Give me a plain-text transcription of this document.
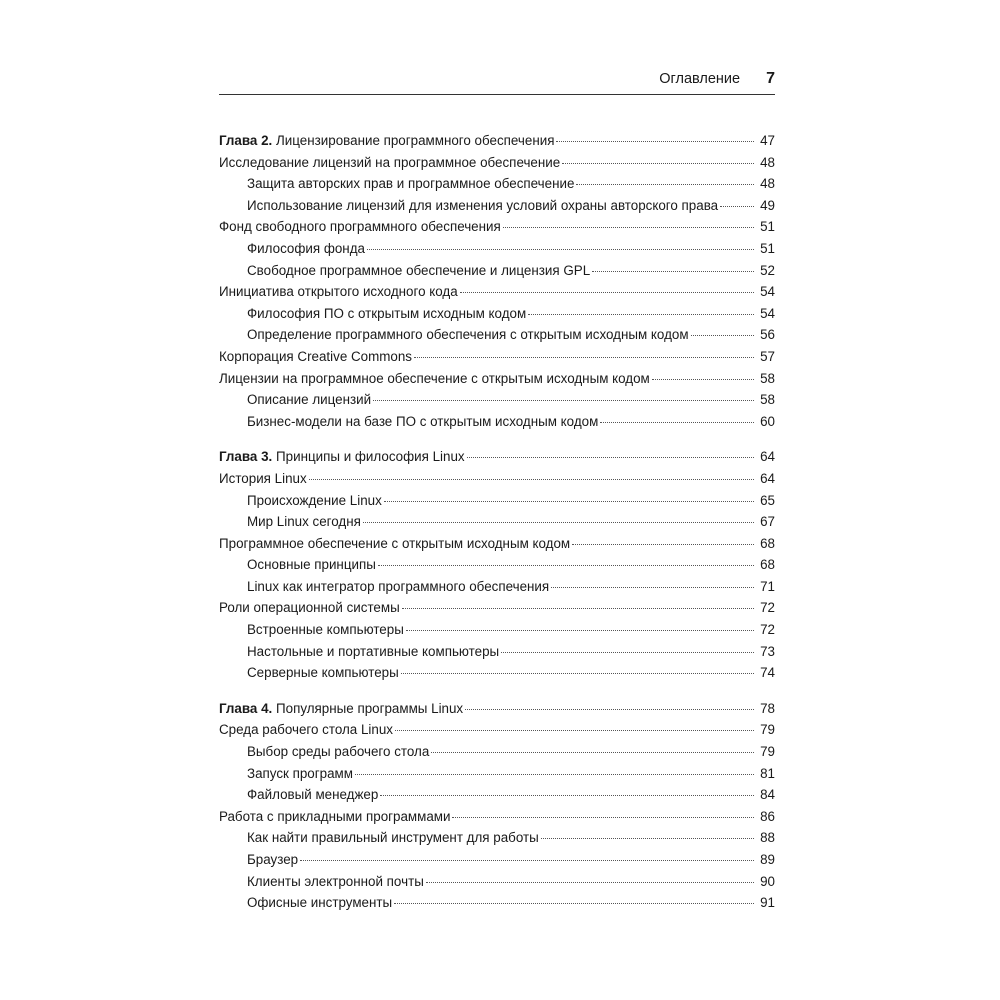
Оглавление 7
Глава 2. Лицензирование программного обеспечения	47
Исследование лицензий на программное обеспечение	48
Защита авторских прав и программное обеспечение	48
Использование лицензий для изменения условий охраны авторского права	49
Фонд свободного программного обеспечения	51
Философия фонда	51
Свободное программное обеспечение и лицензия GPL	52
Инициатива открытого исходного кода	54
Философия ПО с открытым исходным кодом	54
Определение программного обеспечения с открытым исходным кодом	56
Корпорация Creative Commons	57
Лицензии на программное обеспечение с открытым исходным кодом	58
Описание лицензий	58
Бизнес-модели на базе ПО с открытым исходным кодом	60
Глава 3. Принципы и философия Linux	64
История Linux	64
Происхождение Linux	65
Мир Linux сегодня	67
Программное обеспечение с открытым исходным кодом	68
Основные принципы	68
Linux как интегратор программного обеспечения	71
Роли операционной системы	72
Встроенные компьютеры	72
Настольные и портативные компьютеры	73
Серверные компьютеры	74
Глава 4. Популярные программы Linux	78
Среда рабочего стола Linux	79
Выбор среды рабочего стола	79
Запуск программ	81
Файловый менеджер	84
Работа с прикладными программами	86
Как найти правильный инструмент для работы	88
Браузер	89
Клиенты электронной почты	90
Офисные инструменты	91
